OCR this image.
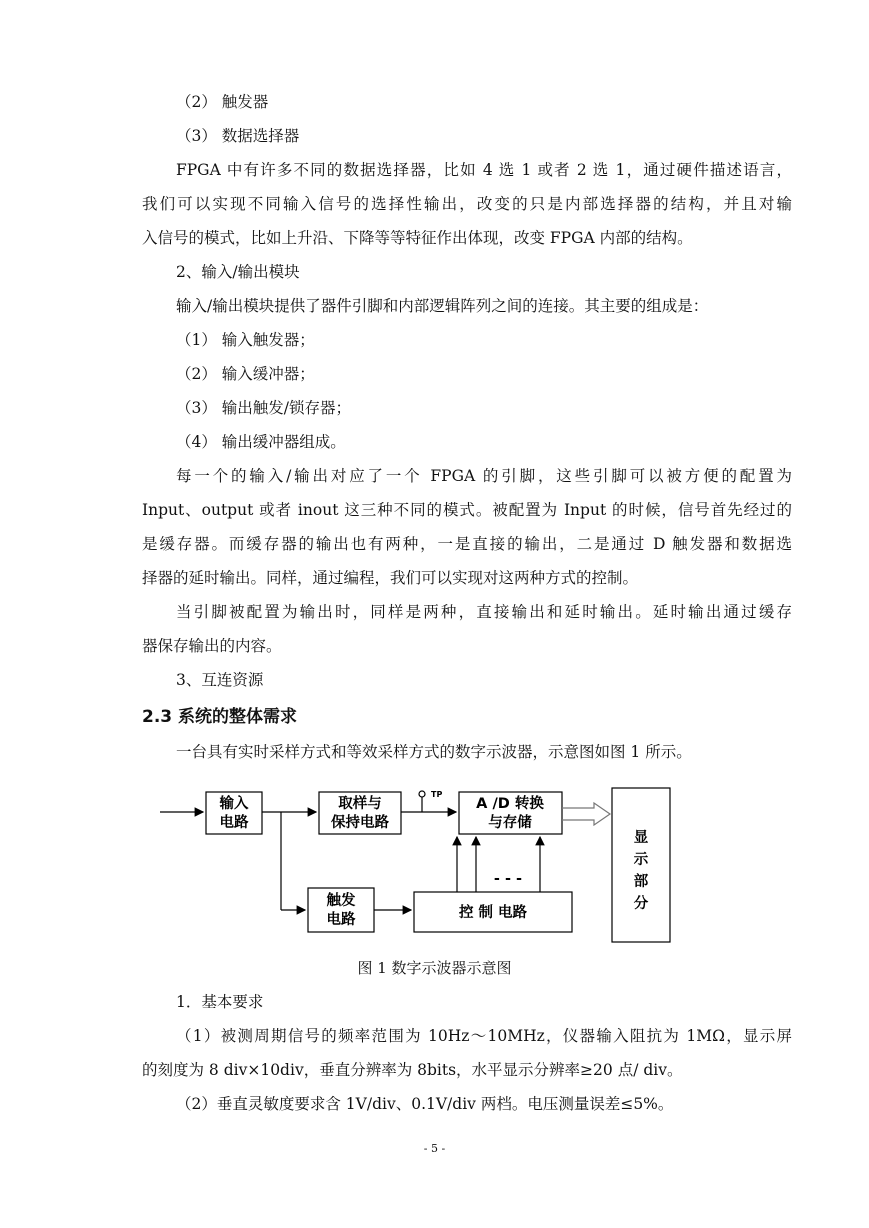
（2） 触发器
（3） 数据选择器
FPGA 中有许多不同的数据选择器，比如 4 选 1 或者 2 选 1，通过硬件描述语言，
我们可以实现不同输入信号的选择性输出，改变的只是内部选择器的结构，并且对输
入信号的模式，比如上升沿、下降等等特征作出体现，改变 FPGA 内部的结构。
2、输入/输出模块
输入/输出模块提供了器件引脚和内部逻辑阵列之间的连接。其主要的组成是：
（1） 输入触发器；
（2） 输入缓冲器；
（3） 输出触发/锁存器；
（4） 输出缓冲器组成。
每一个的输入/输出对应了一个 FPGA 的引脚，这些引脚可以被方便的配置为
Input、output 或者 inout 这三种不同的模式。被配置为 Input 的时候，信号首先经过的
是缓存器。而缓存器的输出也有两种，一是直接的输出，二是通过 D 触发器和数据选
择器的延时输出。同样，通过编程，我们可以实现对这两种方式的控制。
当引脚被配置为输出时，同样是两种，直接输出和延时输出。延时输出通过缓存
器保存输出的内容。
3、互连资源
2.3 系统的整体需求
一台具有实时采样方式和等效采样方式的数字示波器，示意图如图 1 所示。
输入
电路
取样与
保持电路
A /D 转换
与存储
显
示
部
分
触发
电路	控 制 电路
- - -
TP
图 1 数字示波器示意图
1．基本要求
（1）被测周期信号的频率范围为 10Hz～10MHz，仪器输入阻抗为 1MΩ，显示屏
的刻度为 8 div×10div，垂直分辨率为 8bits，水平显示分辨率≥20 点/ div。
（2）垂直灵敏度要求含 1V/div、0.1V/div 两档。电压测量误差≤5%。
- 5 -
